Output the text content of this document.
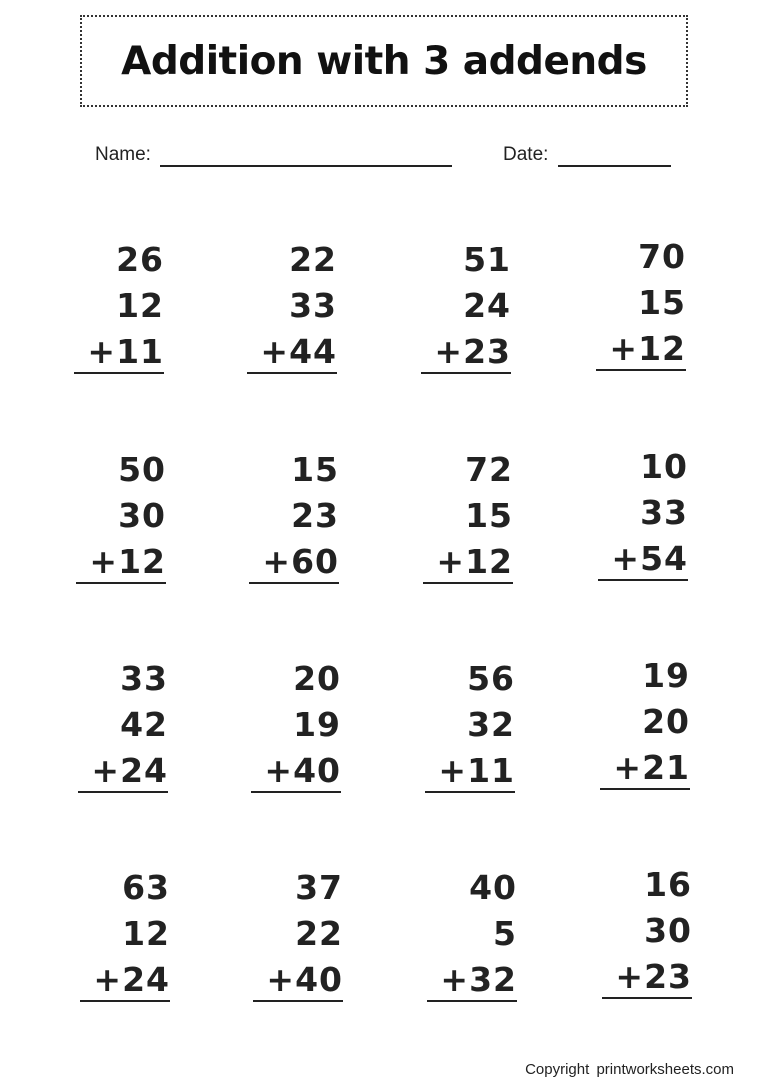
Addition with 3 addends
Name:	Date:
26
12
+11
22
33
+44
51
24
+23
70
15
+12
50
30
+12
15
23
+60
72
15
+12
10
33
+54
33
42
+24
20
19
+40
56
32
+11
19
20
+21
63
12
+24
37
22
+40
40
5
+32
16
30
+23
Copyright printworksheets.com
